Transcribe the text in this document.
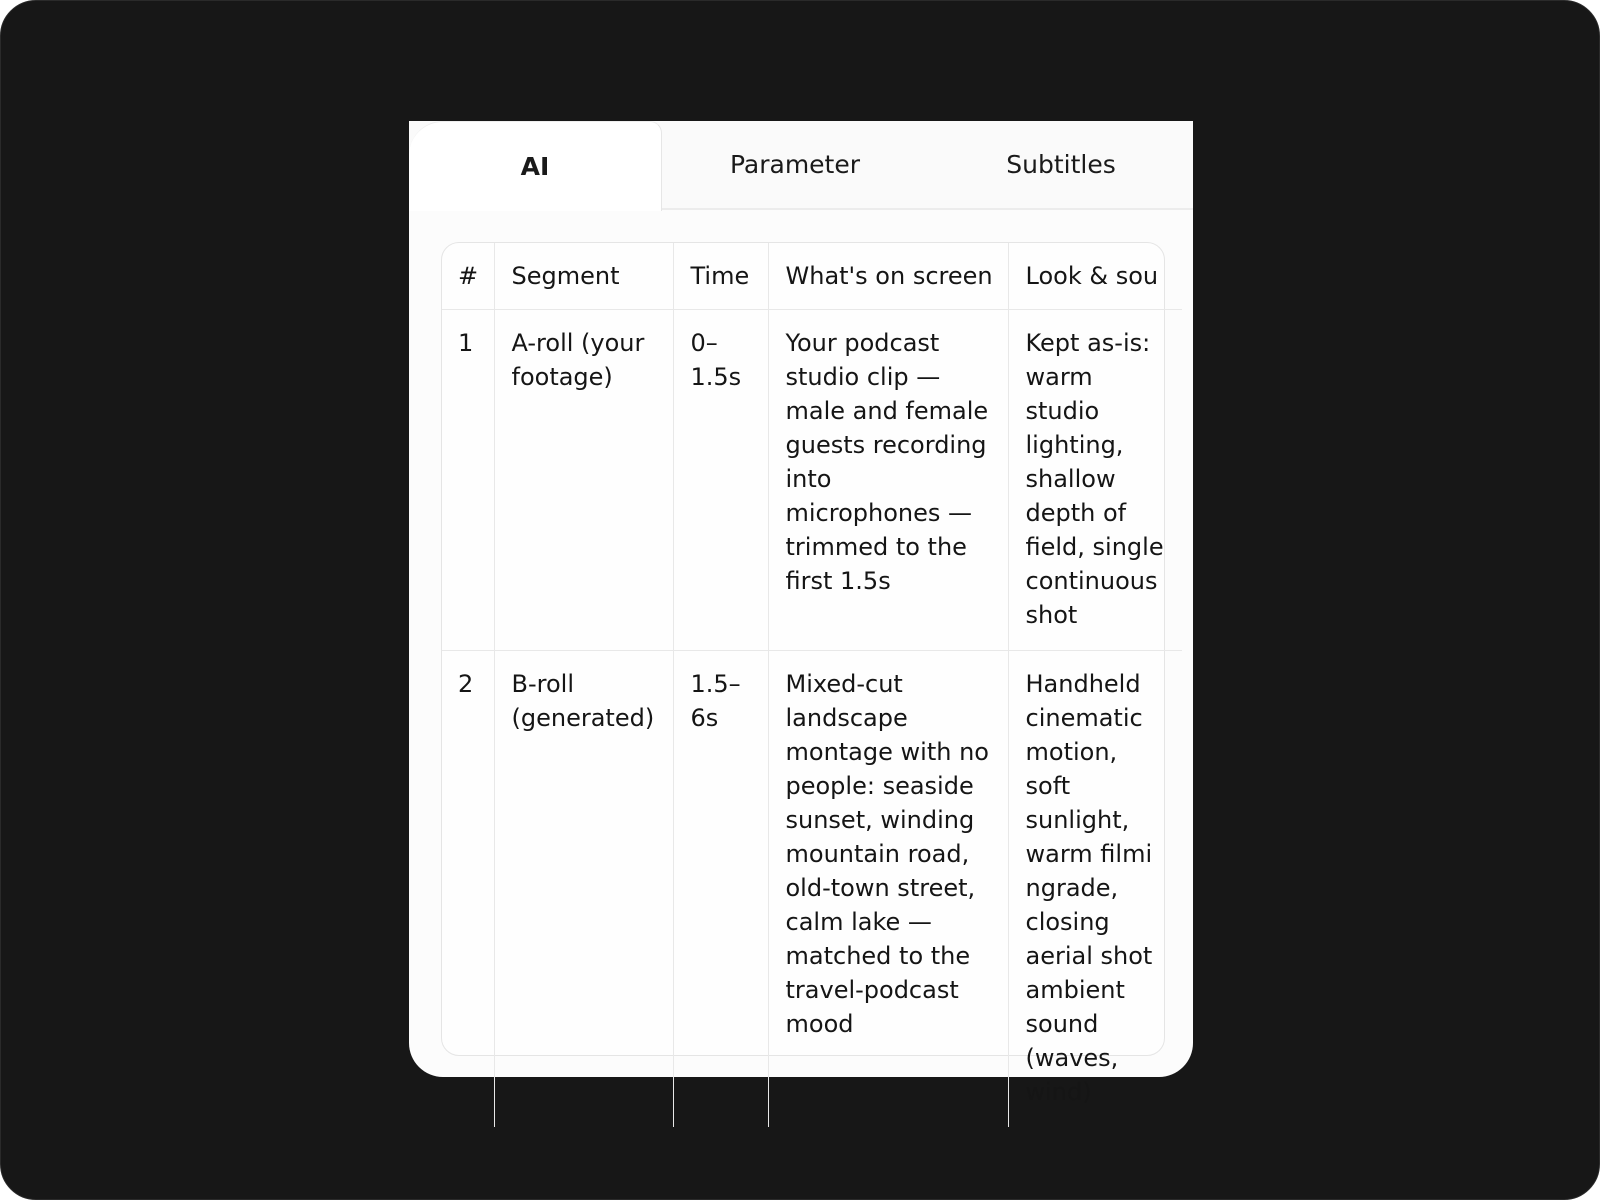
AI	Parameter	Subtitles
#	Segment	Time	What's on screen	Look & sou
1	A-roll (your footage)	0–1.5s	Your podcast studio clip — male and female guests recording into microphones — trimmed to the first 1.5s	Kept as-is: warm studio lighting, shallow depth of field, single continuous shot
2	B-roll (generated)	1.5–6s	Mixed-cut landscape montage with no people: seaside sunset, winding mountain road, old-town street, calm lake — matched to the travel-podcast mood	Handheld cinematic motion, soft sunlight, warm filmi ngrade, closing aerial shot ambient sound (waves, wind)
